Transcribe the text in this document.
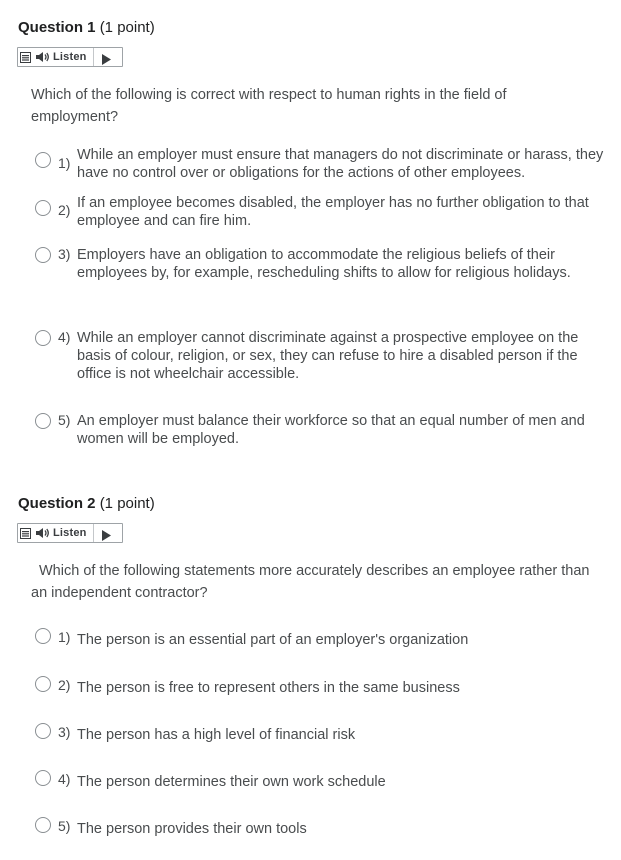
Question 1 (1 point)
Listen
Which of the following is correct with respect to human rights in the field of employment?
1) While an employer must ensure that managers do not discriminate or harass, they have no control over or obligations for the actions of other employees.
2) If an employee becomes disabled, the employer has no further obligation to that employee and can fire him.
3) Employers have an obligation to accommodate the religious beliefs of their employees by, for example, rescheduling shifts to allow for religious holidays.
4) While an employer cannot discriminate against a prospective employee on the basis of colour, religion, or sex, they can refuse to hire a disabled person if the office is not wheelchair accessible.
5) An employer must balance their workforce so that an equal number of men and women will be employed.
Question 2 (1 point)
Listen
Which of the following statements more accurately describes an employee rather than an independent contractor?
1) The person is an essential part of an employer's organization
2) The person is free to represent others in the same business
3) The person has a high level of financial risk
4) The person determines their own work schedule
5) The person provides their own tools
